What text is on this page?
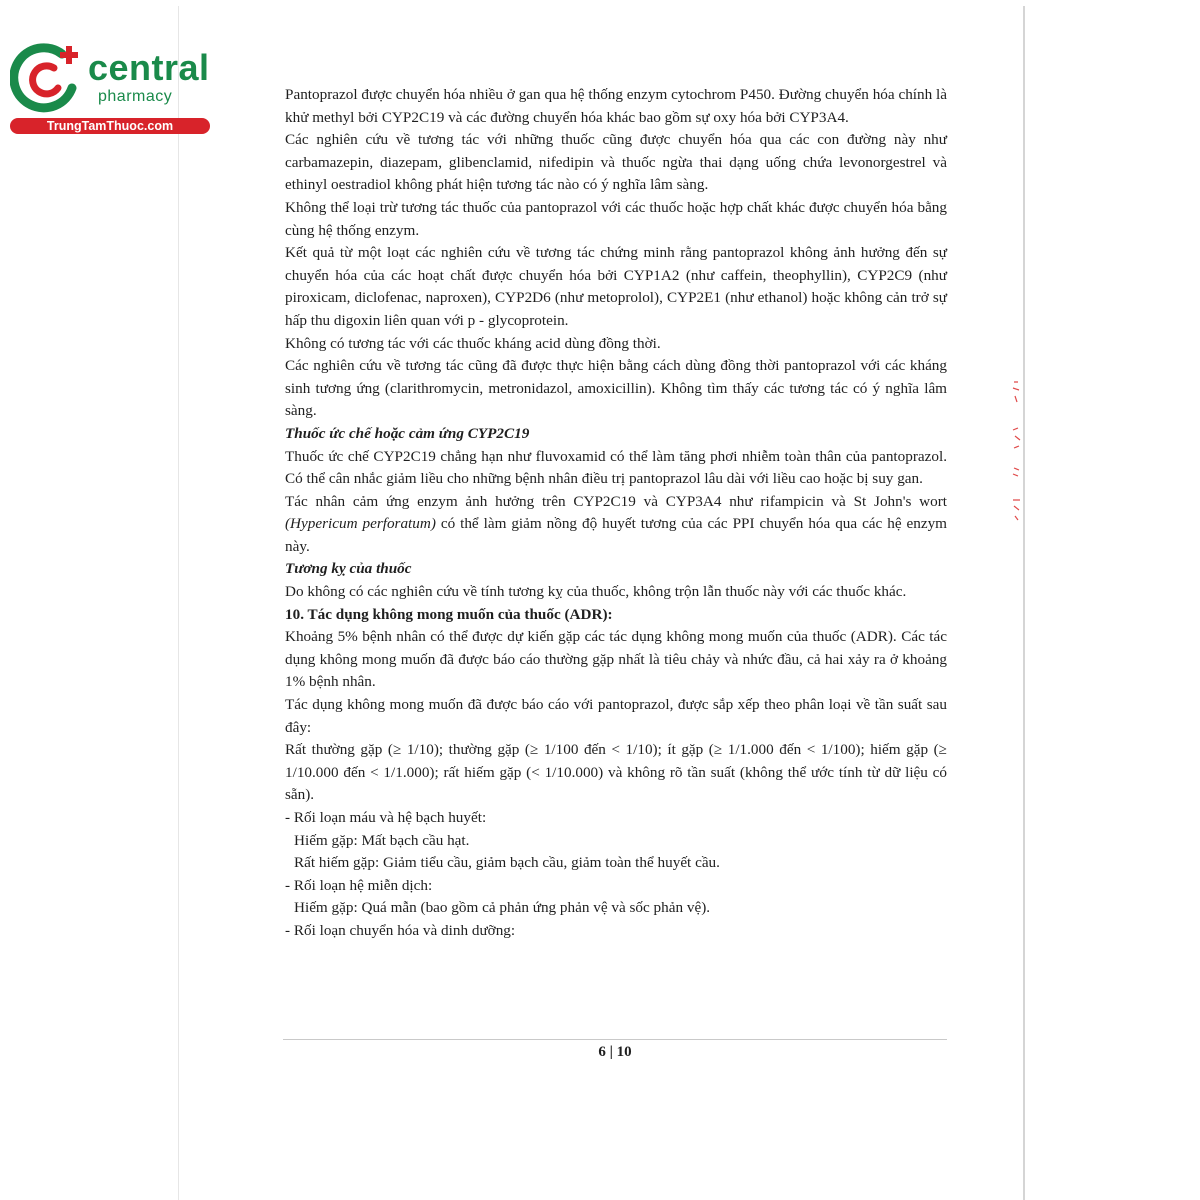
central
pharmacy
TrungTamThuoc.com

Pantoprazol được chuyển hóa nhiều ở gan qua hệ thống enzym cytochrom P450. Đường chuyển hóa chính là khử methyl bởi CYP2C19 và các đường chuyển hóa khác bao gồm sự oxy hóa bởi CYP3A4.

Các nghiên cứu về tương tác với những thuốc cũng được chuyển hóa qua các con đường này như carbamazepin, diazepam, glibenclamid, nifedipin và thuốc ngừa thai dạng uống chứa levonorgestrel và ethinyl oestradiol không phát hiện tương tác nào có ý nghĩa lâm sàng.

Không thể loại trừ tương tác thuốc của pantoprazol với các thuốc hoặc hợp chất khác được chuyển hóa bằng cùng hệ thống enzym.

Kết quả từ một loạt các nghiên cứu về tương tác chứng minh rằng pantoprazol không ảnh hưởng đến sự chuyển hóa của các hoạt chất được chuyển hóa bởi CYP1A2 (như caffein, theophyllin), CYP2C9 (như piroxicam, diclofenac, naproxen), CYP2D6 (như metoprolol), CYP2E1 (như ethanol) hoặc không cản trở sự hấp thu digoxin liên quan với p - glycoprotein.

Không có tương tác với các thuốc kháng acid dùng đồng thời.

Các nghiên cứu về tương tác cũng đã được thực hiện bằng cách dùng đồng thời pantoprazol với các kháng sinh tương ứng (clarithromycin, metronidazol, amoxicillin). Không tìm thấy các tương tác có ý nghĩa lâm sàng.

Thuốc ức chế hoặc cảm ứng CYP2C19

Thuốc ức chế CYP2C19 chẳng hạn như fluvoxamid có thể làm tăng phơi nhiễm toàn thân của pantoprazol. Có thể cân nhắc giảm liều cho những bệnh nhân điều trị pantoprazol lâu dài với liều cao hoặc bị suy gan.

Tác nhân cảm ứng enzym ảnh hưởng trên CYP2C19 và CYP3A4 như rifampicin và St John's wort (Hypericum perforatum) có thể làm giảm nồng độ huyết tương của các PPI chuyển hóa qua các hệ enzym này.

Tương kỵ của thuốc

Do không có các nghiên cứu về tính tương kỵ của thuốc, không trộn lẫn thuốc này với các thuốc khác.

10. Tác dụng không mong muốn của thuốc (ADR):

Khoảng 5% bệnh nhân có thể được dự kiến gặp các tác dụng không mong muốn của thuốc (ADR). Các tác dụng không mong muốn đã được báo cáo thường gặp nhất là tiêu chảy và nhức đầu, cả hai xảy ra ở khoảng 1% bệnh nhân.

Tác dụng không mong muốn đã được báo cáo với pantoprazol, được sắp xếp theo phân loại về tần suất sau đây:

Rất thường gặp (≥ 1/10); thường gặp (≥ 1/100 đến < 1/10); ít gặp (≥ 1/1.000 đến < 1/100); hiếm gặp (≥ 1/10.000 đến < 1/1.000); rất hiếm gặp (< 1/10.000) và không rõ tần suất (không thể ước tính từ dữ liệu có sẵn).

- Rối loạn máu và hệ bạch huyết:

Hiếm gặp: Mất bạch cầu hạt.

Rất hiếm gặp: Giảm tiểu cầu, giảm bạch cầu, giảm toàn thể huyết cầu.

- Rối loạn hệ miễn dịch:

Hiếm gặp: Quá mẫn (bao gồm cả phản ứng phản vệ và sốc phản vệ).

- Rối loạn chuyển hóa và dinh dưỡng:

6 | 10
